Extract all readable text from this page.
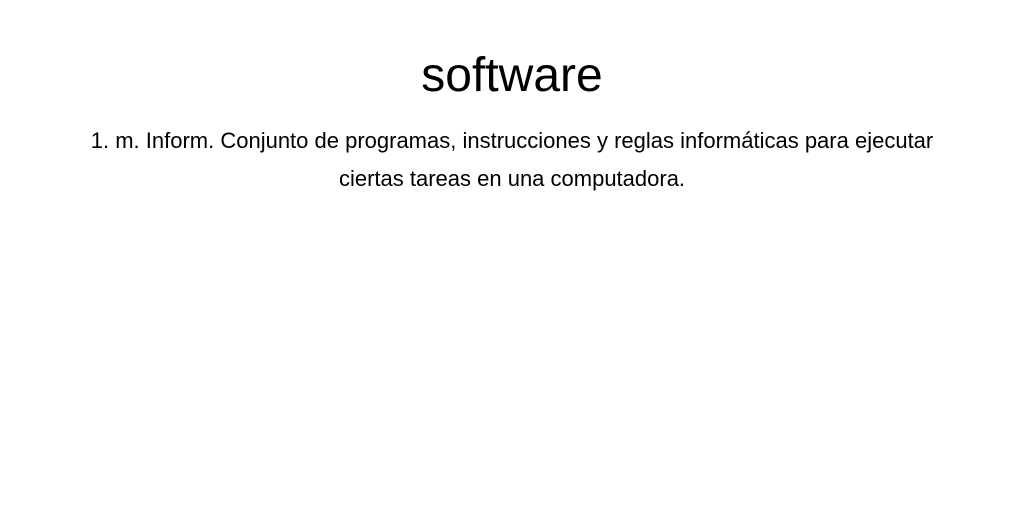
software

1. m. Inform. Conjunto de programas, instrucciones y reglas informáticas para ejecutar ciertas tareas en una computadora.
